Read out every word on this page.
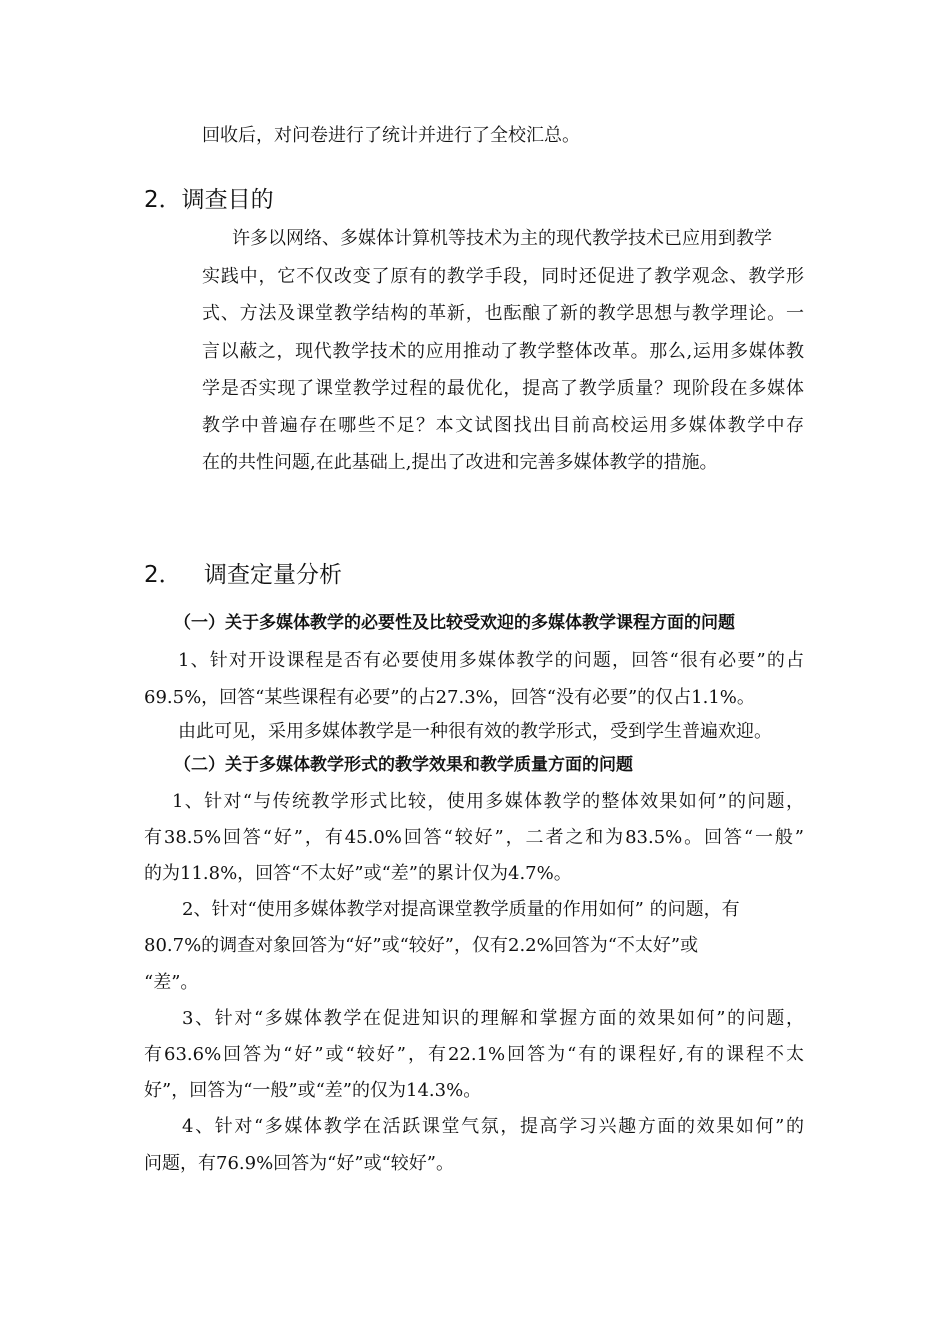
回收后，对问卷进行了统计并进行了全校汇总。
2．调查目的
许多以网络、多媒体计算机等技术为主的现代教学技术已应用到教学
实践中，它不仅改变了原有的教学手段，同时还促进了教学观念、教学形
式、方法及课堂教学结构的革新，也酝酿了新的教学思想与教学理论。一
言以蔽之，现代教学技术的应用推动了教学整体改革。那么,运用多媒体教
学是否实现了课堂教学过程的最优化，提高了教学质量？现阶段在多媒体
教学中普遍存在哪些不足？本文试图找出目前高校运用多媒体教学中存
在的共性问题,在此基础上,提出了改进和完善多媒体教学的措施。
2． 调查定量分析
（一）关于多媒体教学的必要性及比较受欢迎的多媒体教学课程方面的问题
1、针对开设课程是否有必要使用多媒体教学的问题，回答“很有必要”的占
69.5%，回答“某些课程有必要”的占27.3%，回答“没有必要”的仅占1.1%。
由此可见，采用多媒体教学是一种很有效的教学形式，受到学生普遍欢迎。
（二）关于多媒体教学形式的教学效果和教学质量方面的问题
1、针对“与传统教学形式比较，使用多媒体教学的整体效果如何”的问题，
有38.5%回答“好”，有45.0%回答“较好”，二者之和为83.5%。回答“一般”
的为11.8%，回答“不太好”或“差”的累计仅为4.7%。
2、针对“使用多媒体教学对提高课堂教学质量的作用如何” 的问题，有
80.7%的调查对象回答为“好”或“较好”，仅有2.2%回答为“不太好”或
“差”。
3、针对“多媒体教学在促进知识的理解和掌握方面的效果如何”的问题，
有63.6%回答为“好”或“较好”，有22.1%回答为“有的课程好,有的课程不太
好”，回答为“一般”或“差”的仅为14.3%。
4、针对“多媒体教学在活跃课堂气氛，提高学习兴趣方面的效果如何”的
问题，有76.9%回答为“好”或“较好”。
